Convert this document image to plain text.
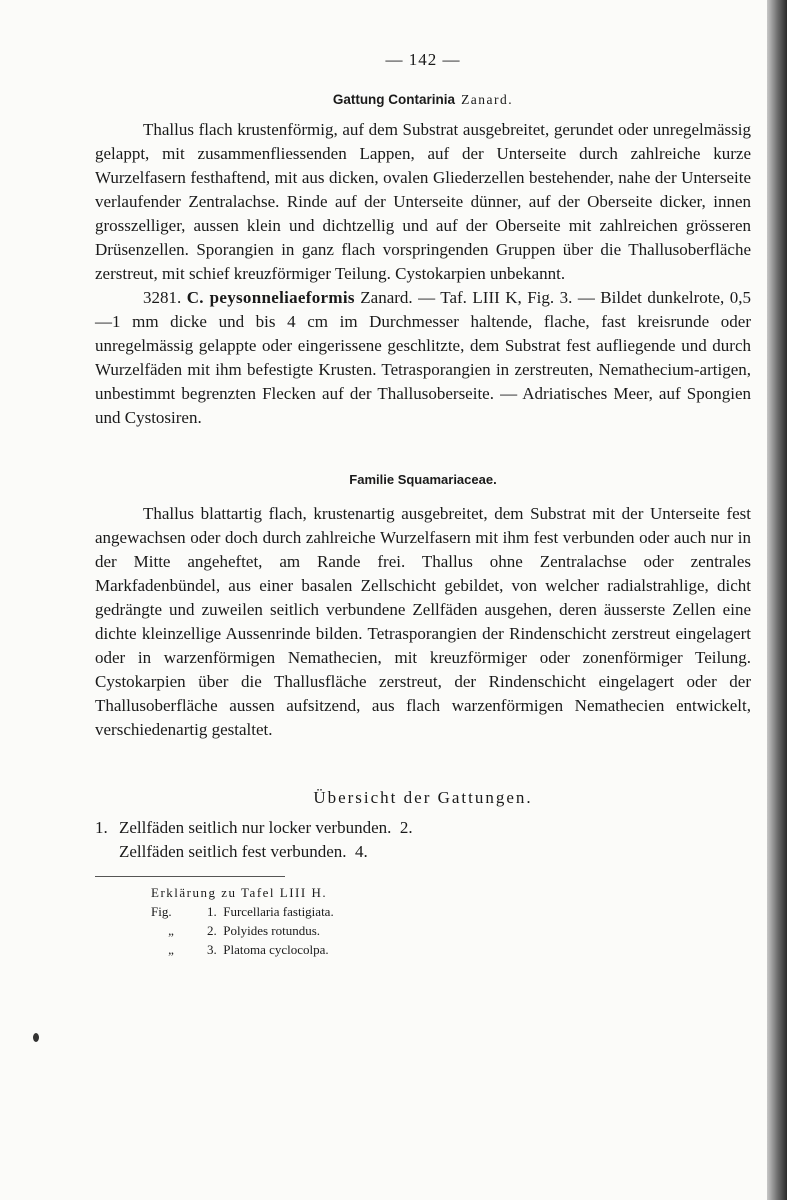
— 142 —
Gattung Contarinia Zanard.

Thallus flach krustenförmig, auf dem Substrat ausgebreitet, gerundet oder unregelmässig gelappt, mit zusammenfliessenden Lappen, auf der Unterseite durch zahlreiche kurze Wurzelfasern festhaftend, mit aus dicken, ovalen Gliederzellen bestehender, nahe der Unterseite verlaufender Zentralachse. Rinde auf der Unterseite dünner, auf der Oberseite dicker, innen grosszelliger, aussen klein und dichtzellig und auf der Oberseite mit zahlreichen grösseren Drüsenzellen. Sporangien in ganz flach vorspringenden Gruppen über die Thallusoberfläche zerstreut, mit schief kreuzförmiger Teilung. Cystokarpien unbekannt.

3281. C. peysonneliaeformis Zanard. — Taf. LIII K, Fig. 3. — Bildet dunkelrote, 0,5—1 mm dicke und bis 4 cm im Durchmesser haltende, flache, fast kreisrunde oder unregelmässig gelappte oder eingerissene geschlitzte, dem Substrat fest aufliegende und durch Wurzelfäden mit ihm befestigte Krusten. Tetrasporangien in zerstreuten, Nemathecium-artigen, unbestimmt begrenzten Flecken auf der Thallusoberseite. — Adriatisches Meer, auf Spongien und Cystosiren.

Familie Squamariaceae.

Thallus blattartig flach, krustenartig ausgebreitet, dem Substrat mit der Unterseite fest angewachsen oder doch durch zahlreiche Wurzelfasern mit ihm fest verbunden oder auch nur in der Mitte angeheftet, am Rande frei. Thallus ohne Zentralachse oder zentrales Markfadenbündel, aus einer basalen Zellschicht gebildet, von welcher radialstrahlige, dicht gedrängte und zuweilen seitlich verbundene Zellfäden ausgehen, deren äusserste Zellen eine dichte kleinzellige Aussenrinde bilden. Tetrasporangien der Rindenschicht zerstreut eingelagert oder in warzenförmigen Nemathecien, mit kreuzförmiger oder zonenförmiger Teilung. Cystokarpien über die Thallusfläche zerstreut, der Rindenschicht eingelagert oder der Thallusoberfläche aussen aufsitzend, aus flach warzenförmigen Nemathecien entwickelt, verschiedenartig gestaltet.

Übersicht der Gattungen.
1. Zellfäden seitlich nur locker verbunden. 2.
Zellfäden seitlich fest verbunden. 4.
Erklärung zu Tafel LIII H.
Fig.	1. Furcellaria fastigiata.
„	2. Polyides rotundus.
„	3. Platoma cyclocolpa.
